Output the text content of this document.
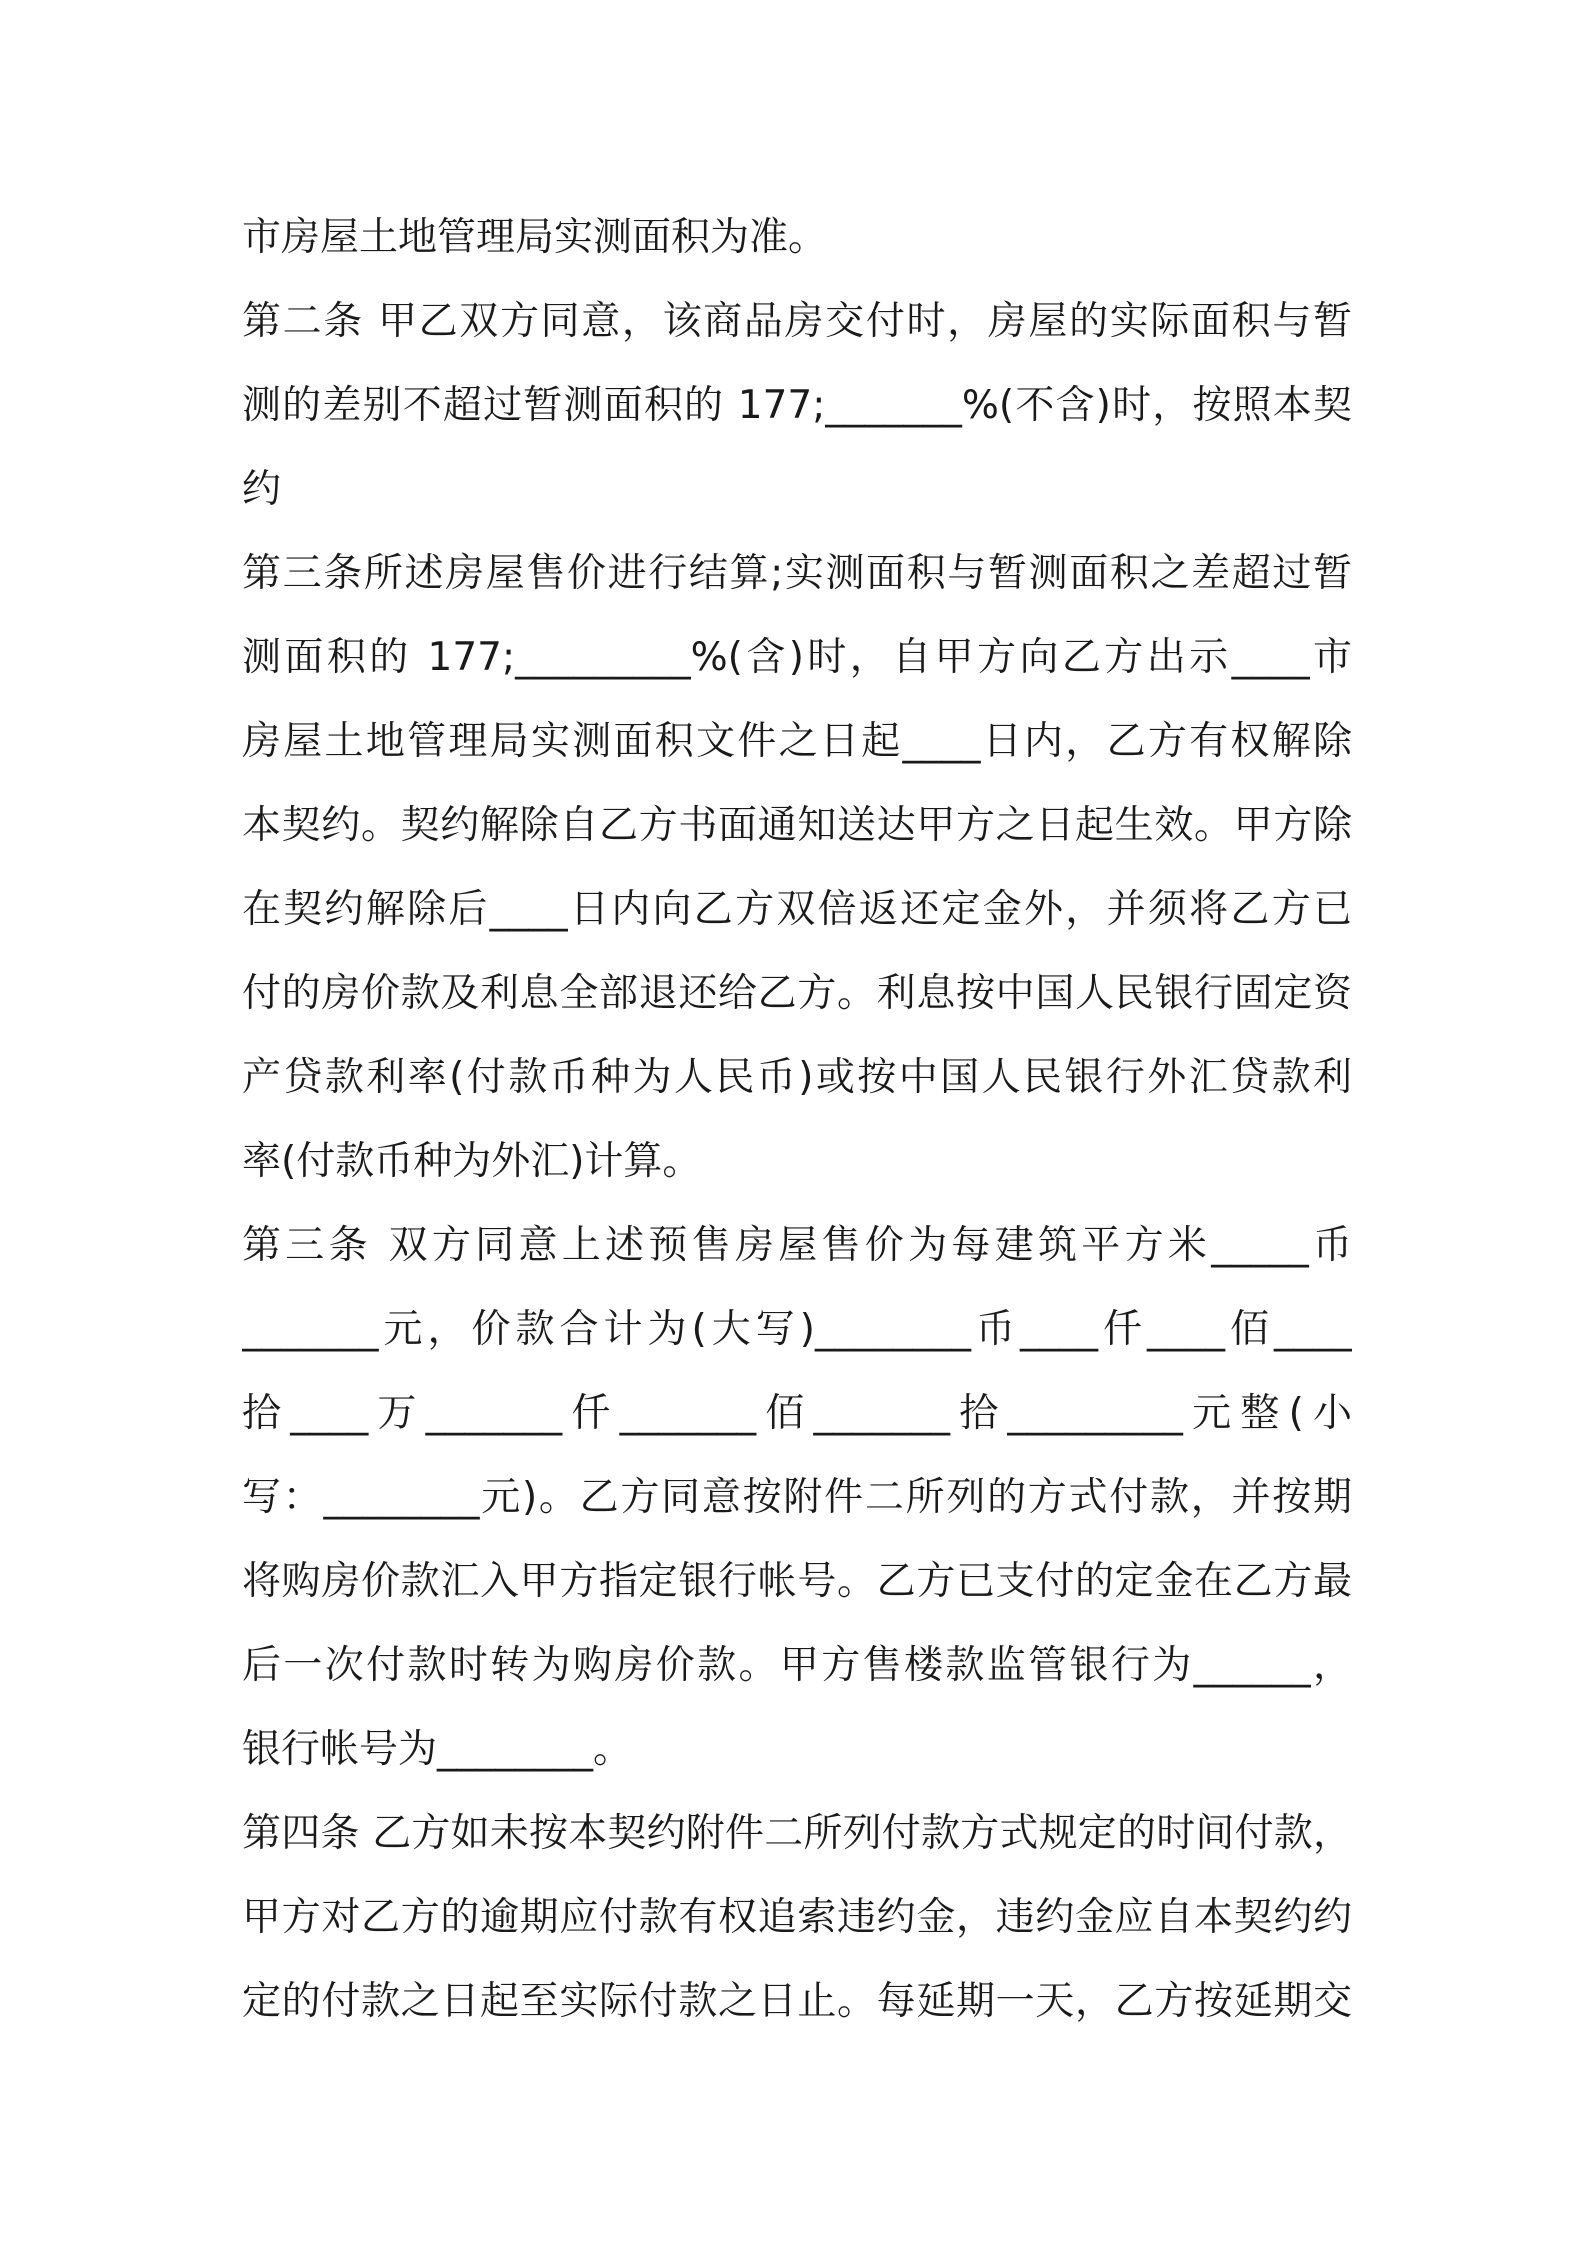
市房屋土地管理局实测面积为准。
第二条 甲乙双方同意，该商品房交付时，房屋的实际面积与暂
测的差别不超过暂测面积的 177;_______%(不含)时，按照本契
约
第三条所述房屋售价进行结算;实测面积与暂测面积之差超过暂
测面积的 177;_________%(含)时，自甲方向乙方出示____市
房屋土地管理局实测面积文件之日起____日内，乙方有权解除
本契约。契约解除自乙方书面通知送达甲方之日起生效。甲方除
在契约解除后____日内向乙方双倍返还定金外，并须将乙方已
付的房价款及利息全部退还给乙方。利息按中国人民银行固定资
产贷款利率(付款币种为人民币)或按中国人民银行外汇贷款利
率(付款币种为外汇)计算。
第三条 双方同意上述预售房屋售价为每建筑平方米_____币
_______元，价款合计为(大写)________币____仟____佰____
拾____万_______仟_______佰_______拾_________元整(小
写：________元)。乙方同意按附件二所列的方式付款，并按期
将购房价款汇入甲方指定银行帐号。乙方已支付的定金在乙方最
后一次付款时转为购房价款。甲方售楼款监管银行为______，
银行帐号为________。
第四条 乙方如未按本契约附件二所列付款方式规定的时间付款，
甲方对乙方的逾期应付款有权追索违约金，违约金应自本契约约
定的付款之日起至实际付款之日止。每延期一天，乙方按延期交
